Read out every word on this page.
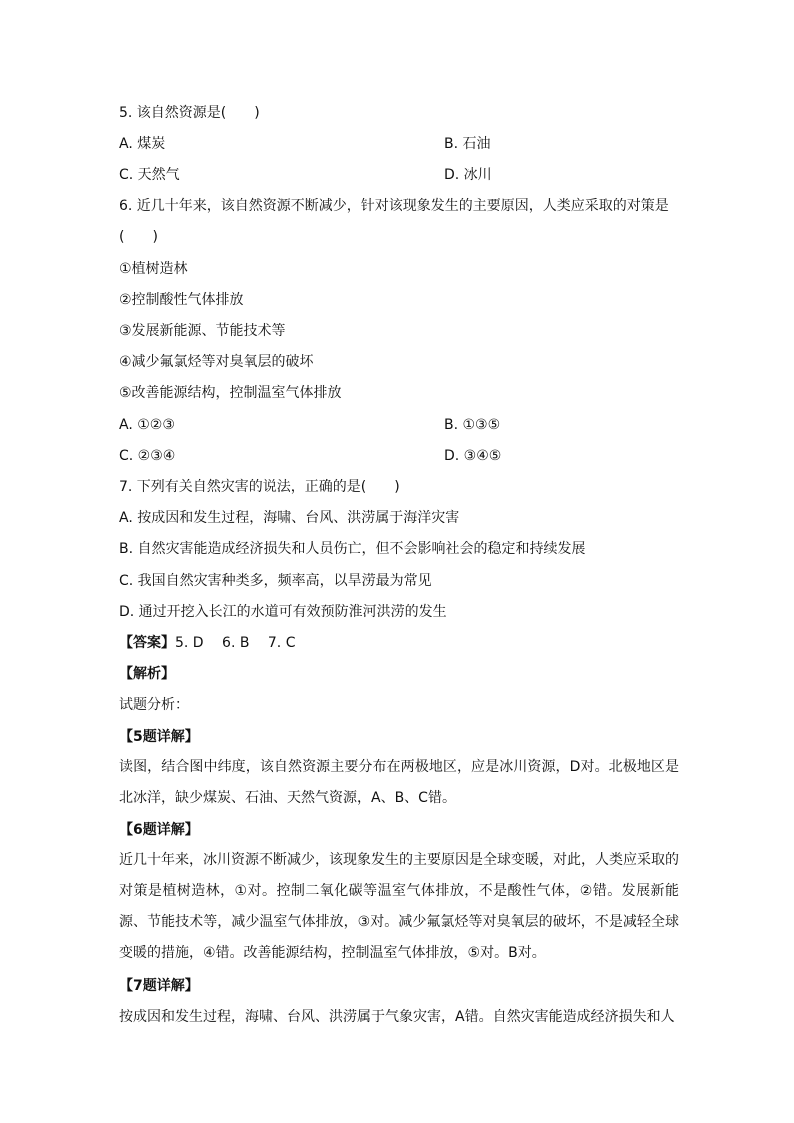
5. 该自然资源是(　　)
A. 煤炭	B. 石油
C. 天然气	D. 冰川
6. 近几十年来，该自然资源不断减少，针对该现象发生的主要原因，人类应采取的对策是
(　　)
①植树造林
②控制酸性气体排放
③发展新能源、节能技术等
④减少氟氯烃等对臭氧层的破坏
⑤改善能源结构，控制温室气体排放
A. ①②③	B. ①③⑤
C. ②③④	D. ③④⑤
7. 下列有关自然灾害的说法，正确的是(　　)
A. 按成因和发生过程，海啸、台风、洪涝属于海洋灾害
B. 自然灾害能造成经济损失和人员伤亡，但不会影响社会的稳定和持续发展
C. 我国自然灾害种类多，频率高，以旱涝最为常见
D. 通过开挖入长江的水道可有效预防淮河洪涝的发生
【答案】5. D　 6. B　 7. C
【解析】
试题分析：
【5题详解】
读图，结合图中纬度，该自然资源主要分布在两极地区，应是冰川资源，D对。北极地区是北冰洋，缺少煤炭、石油、天然气资源，A、B、C错。
【6题详解】
近几十年来，冰川资源不断减少，该现象发生的主要原因是全球变暖，对此，人类应采取的对策是植树造林，①对。控制二氧化碳等温室气体排放，不是酸性气体，②错。发展新能源、节能技术等，减少温室气体排放，③对。减少氟氯烃等对臭氧层的破坏，不是减轻全球变暖的措施，④错。改善能源结构，控制温室气体排放，⑤对。B对。
【7题详解】
按成因和发生过程，海啸、台风、洪涝属于气象灾害，A错。自然灾害能造成经济损失和人
